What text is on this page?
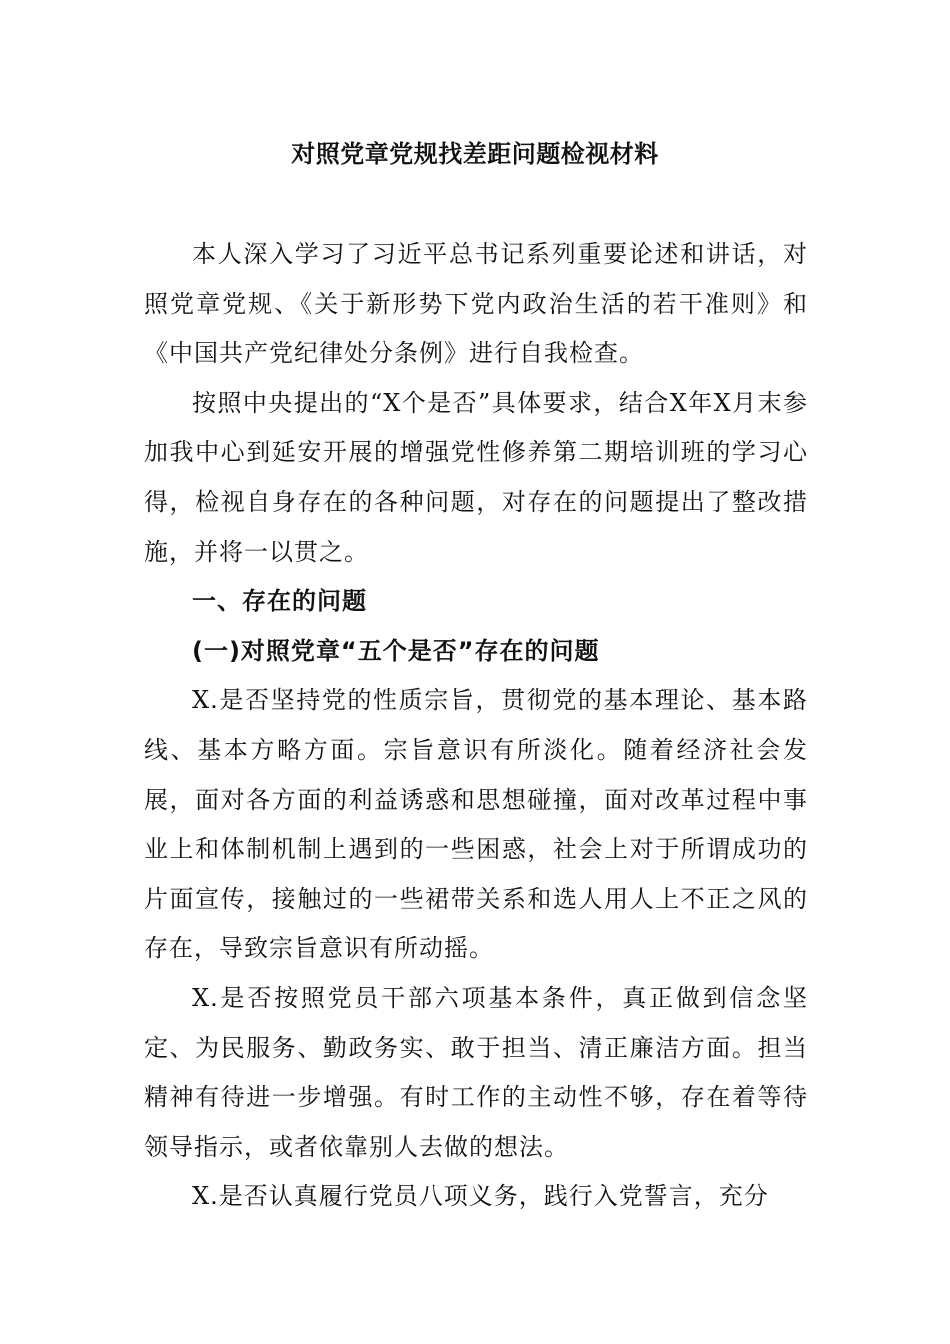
对照党章党规找差距问题检视材料

本人深入学习了习近平总书记系列重要论述和讲话，对照党章党规、《关于新形势下党内政治生活的若干准则》和《中国共产党纪律处分条例》进行自我检查。

按照中央提出的“X个是否”具体要求，结合X年X月末参加我中心到延安开展的增强党性修养第二期培训班的学习心得，检视自身存在的各种问题，对存在的问题提出了整改措施，并将一以贯之。

一、存在的问题

(一)对照党章“五个是否”存在的问题

X.是否坚持党的性质宗旨，贯彻党的基本理论、基本路线、基本方略方面。宗旨意识有所淡化。随着经济社会发展，面对各方面的利益诱惑和思想碰撞，面对改革过程中事业上和体制机制上遇到的一些困惑，社会上对于所谓成功的片面宣传，接触过的一些裙带关系和选人用人上不正之风的存在，导致宗旨意识有所动摇。

X.是否按照党员干部六项基本条件，真正做到信念坚定、为民服务、勤政务实、敢于担当、清正廉洁方面。担当精神有待进一步增强。有时工作的主动性不够，存在着等待领导指示，或者依靠别人去做的想法。

X.是否认真履行党员八项义务，践行入党誓言，充分
